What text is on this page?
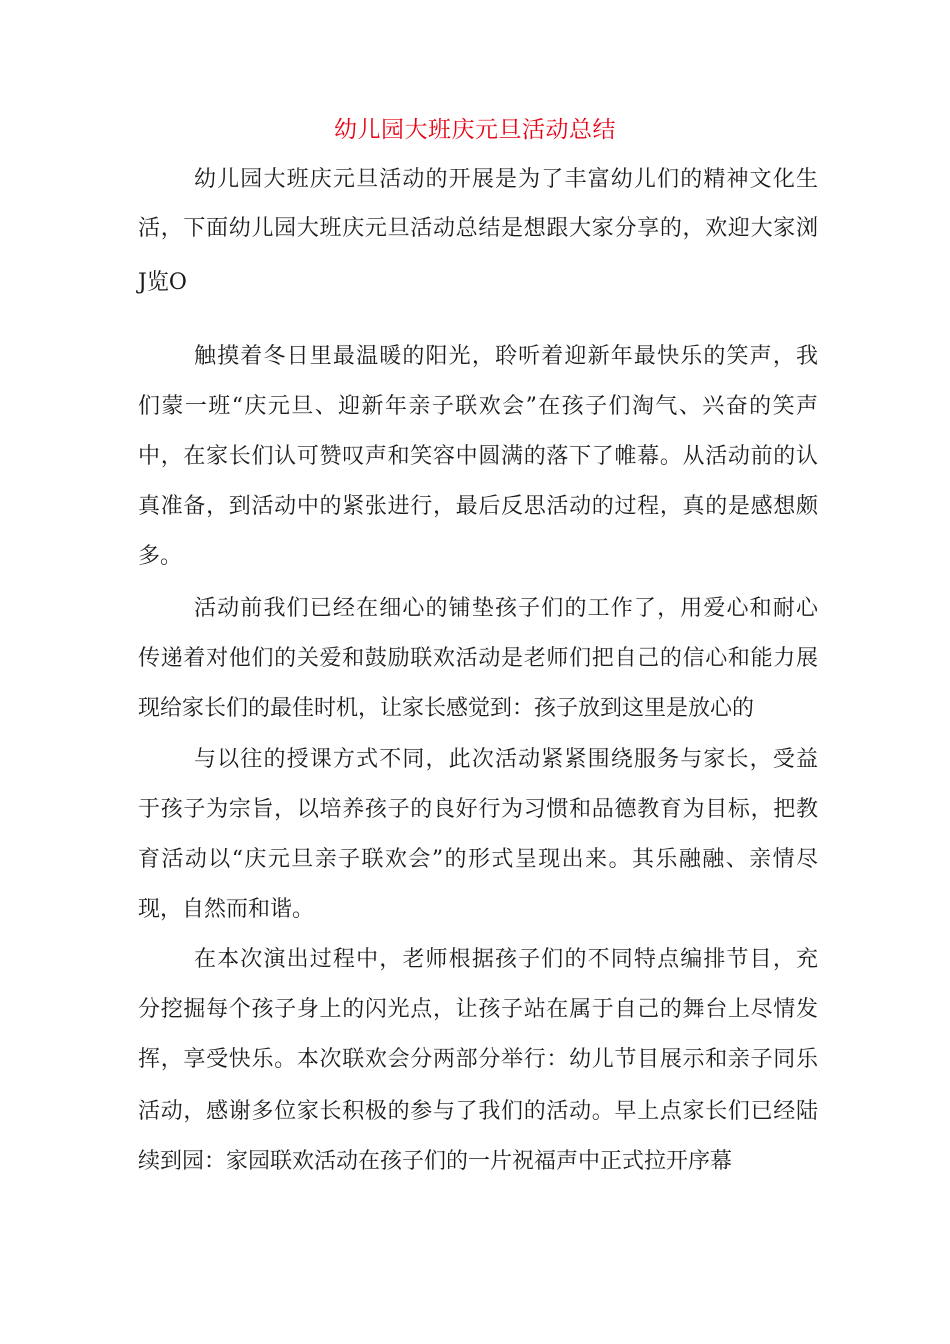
幼儿园大班庆元旦活动总结
幼儿园大班庆元旦活动的开展是为了丰富幼儿们的精神文化生
活，下面幼儿园大班庆元旦活动总结是想跟大家分享的，欢迎大家浏
J览O
触摸着冬日里最温暖的阳光，聆听着迎新年最快乐的笑声，我
们蒙一班“庆元旦、迎新年亲子联欢会”在孩子们淘气、兴奋的笑声
中，在家长们认可赞叹声和笑容中圆满的落下了帷幕。从活动前的认
真准备，到活动中的紧张进行，最后反思活动的过程，真的是感想颇
多。
活动前我们已经在细心的铺垫孩子们的工作了，用爱心和耐心
传递着对他们的关爱和鼓励联欢活动是老师们把自己的信心和能力展
现给家长们的最佳时机，让家长感觉到：孩子放到这里是放心的
与以往的授课方式不同，此次活动紧紧围绕服务与家长，受益
于孩子为宗旨，以培养孩子的良好行为习惯和品德教育为目标，把教
育活动以“庆元旦亲子联欢会”的形式呈现出来。其乐融融、亲情尽
现，自然而和谐。
在本次演出过程中，老师根据孩子们的不同特点编排节目，充
分挖掘每个孩子身上的闪光点，让孩子站在属于自己的舞台上尽情发
挥，享受快乐。本次联欢会分两部分举行：幼儿节目展示和亲子同乐
活动，感谢多位家长积极的参与了我们的活动。早上点家长们已经陆
续到园：家园联欢活动在孩子们的一片祝福声中正式拉开序幕
